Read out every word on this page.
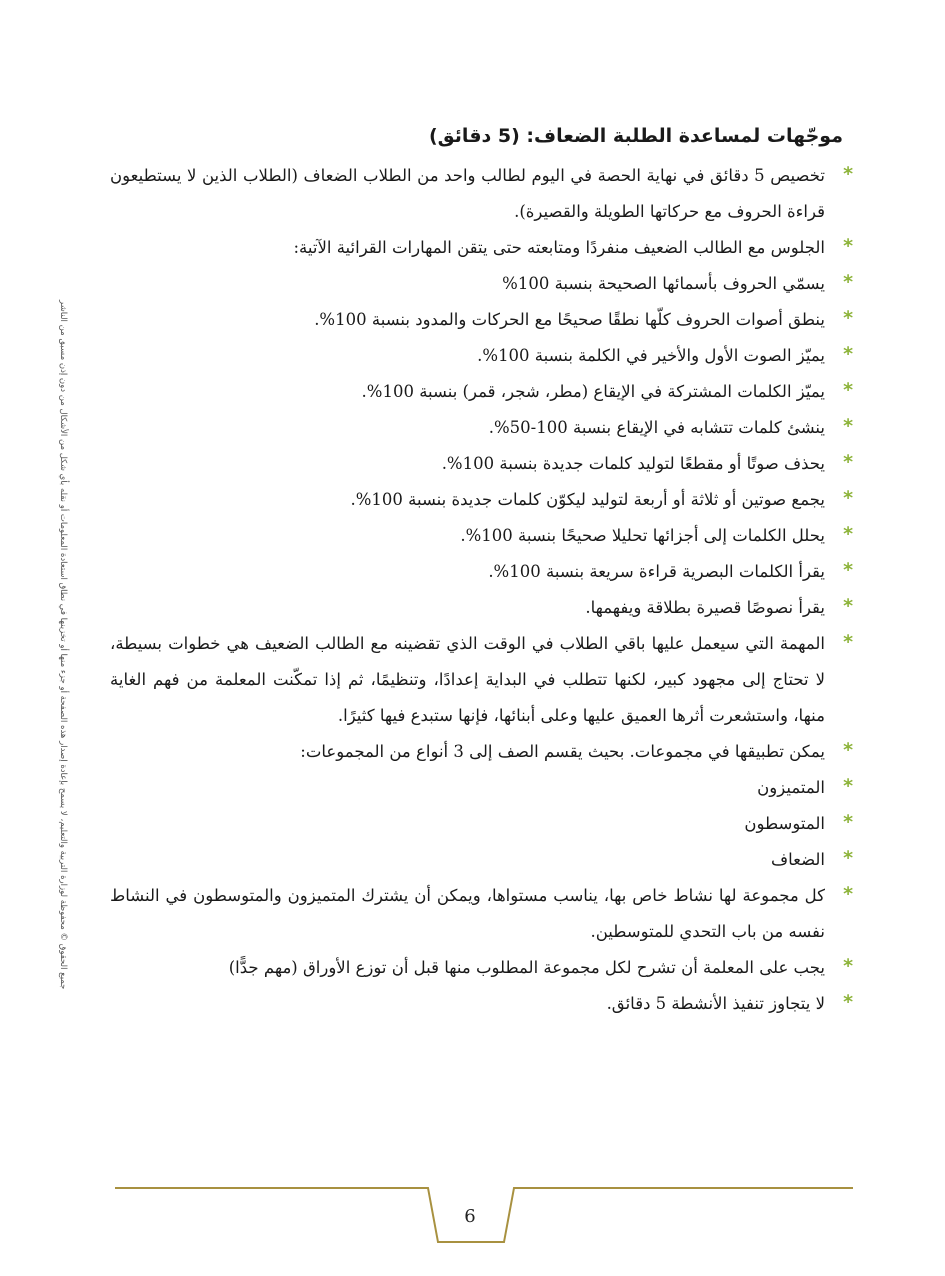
جميع الحقوق © محفوظة لوزارة التربية والتعليم، لا يسمح بإعادة إصدار هذه الصفحة أو جزء منها أو تخزينها في نطاق استعادة المعلومات أو نقله بأي شكل من الأشكال من دون إذن مسبق من الناشر
موجّهات لمساعدة الطلبة الضعاف: (5 دقائق)
*
تخصيص 5 دقائق في نهاية الحصة في اليوم لطالب واحد من الطلاب الضعاف (الطلاب الذين لا يستطيعون قراءة الحروف مع حركاتها الطويلة والقصيرة).
*
الجلوس مع الطالب الضعيف منفردًا ومتابعته حتى يتقن المهارات القرائية الآتية:
*
يسمّي الحروف بأسمائها الصحيحة بنسبة 100%
*
ينطق أصوات الحروف كلّها نطقًا صحيحًا مع الحركات والمدود بنسبة 100%.
*
يميّز الصوت الأول والأخير في الكلمة بنسبة 100%.
*
يميّز الكلمات المشتركة في الإيقاع (مطر، شجر، قمر) بنسبة 100%.
*
ينشئ كلمات تتشابه في الإيقاع بنسبة 100-50%.
*
يحذف صوتًا أو مقطعًا لتوليد كلمات جديدة بنسبة 100%.
*
يجمع صوتين أو ثلاثة أو أربعة لتوليد ليكوّن كلمات جديدة بنسبة 100%.
*
يحلل الكلمات إلى أجزائها تحليلا صحيحًا بنسبة 100%.
*
يقرأ الكلمات البصرية قراءة سريعة بنسبة 100%.
*
يقرأ نصوصًا قصيرة بطلاقة ويفهمها.
*
المهمة التي سيعمل عليها باقي الطلاب في الوقت الذي تقضينه مع الطالب الضعيف هي خطوات بسيطة، لا تحتاج إلى مجهود كبير، لكنها تتطلب في البداية إعدادًا، وتنظيمًا، ثم إذا تمكّنت المعلمة من فهم الغاية منها، واستشعرت أثرها العميق عليها وعلى أبنائها، فإنها ستبدع فيها كثيرًا.
*
يمكن تطبيقها في مجموعات. بحيث يقسم الصف إلى 3 أنواع من المجموعات:
*
المتميزون
*
المتوسطون
*
الضعاف
*
كل مجموعة لها نشاط خاص بها، يناسب مستواها، ويمكن أن يشترك المتميزون والمتوسطون في النشاط نفسه من باب التحدي للمتوسطين.
*
يجب على المعلمة أن تشرح لكل مجموعة المطلوب منها قبل أن توزع الأوراق (مهم جدًّا)
*
لا يتجاوز تنفيذ الأنشطة 5 دقائق.
6
